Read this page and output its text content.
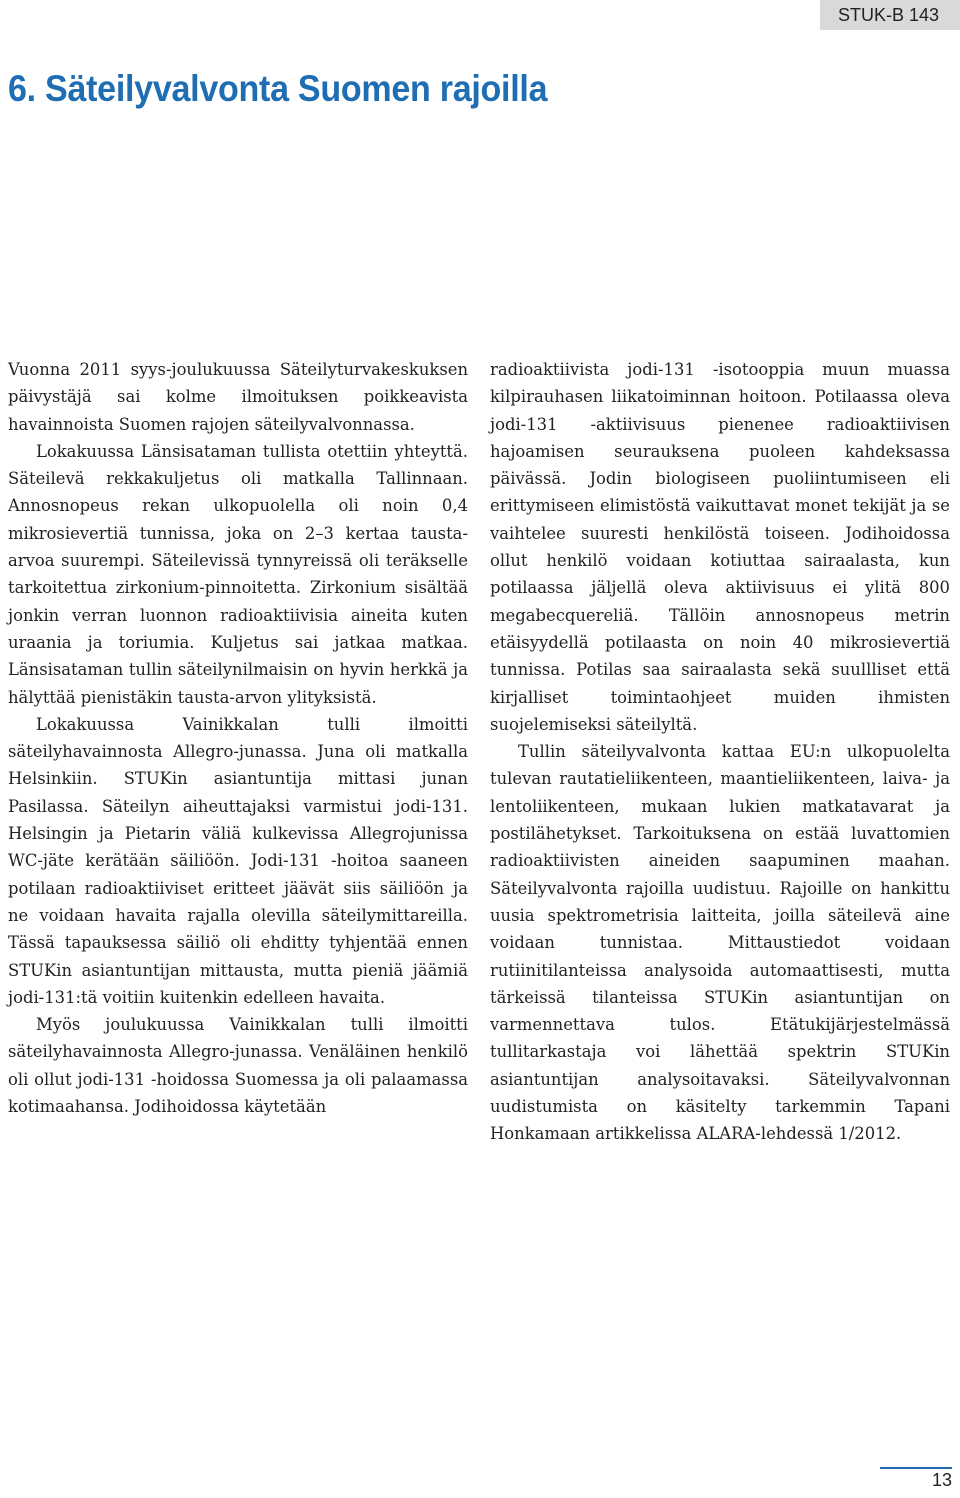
STUK-B 143
6. Säteilyvalvonta Suomen rajoilla

Vuonna 2011 syys-joulukuussa Säteilyturvakeskuksen päivystäjä sai kolme ilmoituksen poikkeavista havainnoista Suomen rajojen säteilyvalvonnassa.

Lokakuussa Länsisataman tullista otettiin yhteyttä. Säteilevä rekkakuljetus oli matkalla Tallinnaan. Annosnopeus rekan ulkopuolella oli noin 0,4 mikrosievertiä tunnissa, joka on 2–3 kertaa tausta-arvoa suurempi. Säteilevissä tynnyreissä oli teräkselle tarkoitettua zirkonium-pinnoitetta. Zirkonium sisältää jonkin verran luonnon radioaktiivisia aineita kuten uraania ja toriumia. Kuljetus sai jatkaa matkaa. Länsisataman tullin säteilynilmaisin on hyvin herkkä ja hälyttää pienistäkin tausta-arvon ylityksistä.

Lokakuussa Vainikkalan tulli ilmoitti säteilyhavainnosta Allegro-junassa. Juna oli matkalla Helsinkiin. STUKin asiantuntija mittasi junan Pasilassa. Säteilyn aiheuttajaksi varmistui jodi-131. Helsingin ja Pietarin väliä kulkevissa Allegrojunissa WC-jäte kerätään säiliöön. Jodi-131 -hoitoa saaneen potilaan radioaktiiviset eritteet jäävät siis säiliöön ja ne voidaan havaita rajalla olevilla säteilymittareilla. Tässä tapauksessa säiliö oli ehditty tyhjentää ennen STUKin asiantuntijan mittausta, mutta pieniä jäämiä jodi-131:tä voitiin kuitenkin edelleen havaita.

Myös joulukuussa Vainikkalan tulli ilmoitti säteilyhavainnosta Allegro-junassa. Venäläinen henkilö oli ollut jodi-131 -hoidossa Suomessa ja oli palaamassa kotimaahansa. Jodihoidossa käytetään

radioaktiivista jodi-131 -isotooppia muun muassa kilpirauhasen liikatoiminnan hoitoon. Potilaassa oleva jodi-131 -aktiivisuus pienenee radioaktiivisen hajoamisen seurauksena puoleen kahdeksassa päivässä. Jodin biologiseen puoliintumiseen eli erittymiseen elimistöstä vaikuttavat monet tekijät ja se vaihtelee suuresti henkilöstä toiseen. Jodihoidossa ollut henkilö voidaan kotiuttaa sairaalasta, kun potilaassa jäljellä oleva aktiivisuus ei ylitä 800 megabecquereliä. Tällöin annosnopeus metrin etäisyydellä potilaasta on noin 40 mikrosievertiä tunnissa. Potilas saa sairaalasta sekä suullliset että kirjalliset toimintaohjeet muiden ihmisten suojelemiseksi säteilyltä.

Tullin säteilyvalvonta kattaa EU:n ulkopuolelta tulevan rautatieliikenteen, maantieliikenteen, laiva- ja lentoliikenteen, mukaan lukien matkatavarat ja postilähetykset. Tarkoituksena on estää luvattomien radioaktiivisten aineiden saapuminen maahan. Säteilyvalvonta rajoilla uudistuu. Rajoille on hankittu uusia spektrometrisia laitteita, joilla säteilevä aine voidaan tunnistaa. Mittaustiedot voidaan rutiinitilanteissa analysoida automaattisesti, mutta tärkeissä tilanteissa STUKin asiantuntijan on varmennettava tulos. Etätukijärjestelmässä tullitarkastaja voi lähettää spektrin STUKin asiantuntijan analysoitavaksi. Säteilyvalvonnan uudistumista on käsitelty tarkemmin Tapani Honkamaan artikkelissa ALARA-lehdessä 1/2012.

13
